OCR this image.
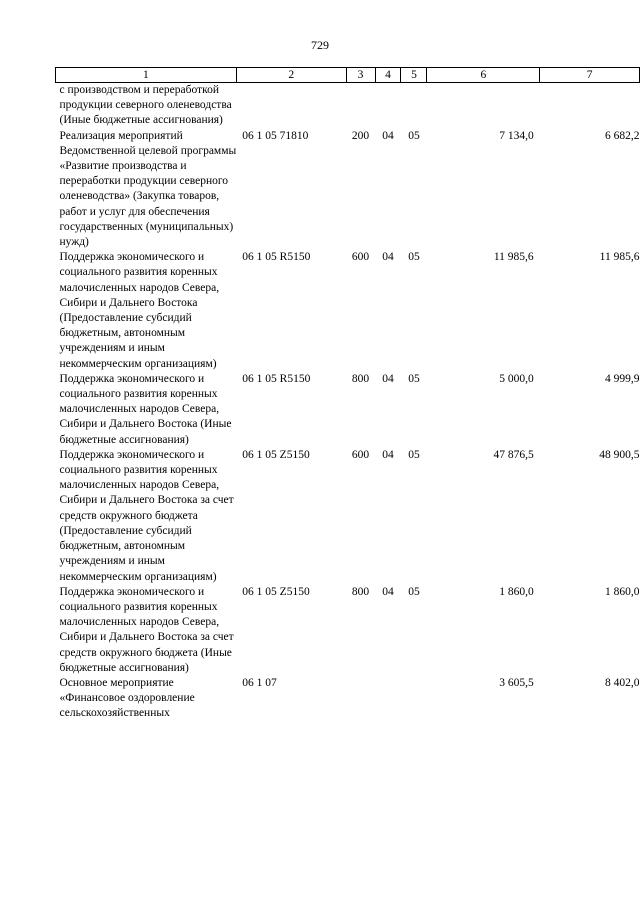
729
1	2	3	4	5	6	7
с производством и переработкой продукции северного оленеводства (Иные бюджетные ассигнования)						
Реализация мероприятий Ведомственной целевой программы «Развитие производства и переработки продукции северного оленеводства» (Закупка товаров, работ и услуг для обеспечения государственных (муниципальных) нужд)	06 1 05 71810	200	04	05	7 134,0	6 682,2
Поддержка экономического и социального развития коренных малочисленных народов Севера, Сибири и Дальнего Востока (Предоставление субсидий бюджетным, автономным учреждениям и иным некоммерческим организациям)	06 1 05 R5150	600	04	05	11 985,6	11 985,6
Поддержка экономического и социального развития коренных малочисленных народов Севера, Сибири и Дальнего Востока (Иные бюджетные ассигнования)	06 1 05 R5150	800	04	05	5 000,0	4 999,9
Поддержка экономического и социального развития коренных малочисленных народов Севера, Сибири и Дальнего Востока за счет средств окружного бюджета (Предоставление субсидий бюджетным, автономным учреждениям и иным некоммерческим организациям)	06 1 05 Z5150	600	04	05	47 876,5	48 900,5
Поддержка экономического и социального развития коренных малочисленных народов Севера, Сибири и Дальнего Востока за счет средств окружного бюджета (Иные бюджетные ассигнования)	06 1 05 Z5150	800	04	05	1 860,0	1 860,0
Основное мероприятие «Финансовое оздоровление сельскохозяйственных	06 1 07				3 605,5	8 402,0
